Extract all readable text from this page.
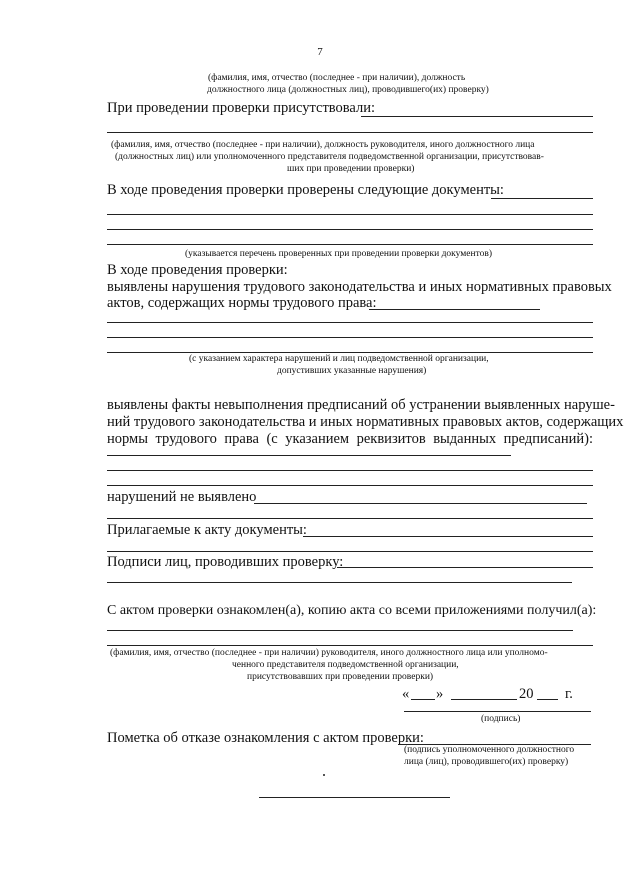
7
(фамилия, имя, отчество (последнее - при наличии), должность
должностного лица (должностных лиц), проводившего(их) проверку)
При проведении проверки присутствовали:
(фамилия, имя, отчество (последнее - при наличии), должность руководителя, иного должностного лица
(должностных лиц) или уполномоченного представителя подведомственной организации, присутствовав-
ших при проведении проверки)
В ходе проведения проверки проверены следующие документы:
(указывается перечень проверенных при проведении проверки документов)
В ходе проведения проверки:
выявлены нарушения трудового законодательства и иных нормативных правовых
актов, содержащих нормы трудового права:
(с указанием характера нарушений и лиц подведомственной организации,
допустивших указанные нарушения)
выявлены факты невыполнения предписаний об устранении выявленных наруше-
ний трудового законодательства и иных нормативных правовых актов, содержащих
нормы трудового права (с указанием реквизитов выданных предписаний):
нарушений не выявлено
Прилагаемые к акту документы:
Подписи лиц, проводивших проверку:
С актом проверки ознакомлен(а), копию акта со всеми приложениями получил(а):
(фамилия, имя, отчество (последнее - при наличии) руководителя, иного должностного лица или уполномо-
ченного представителя подведомственной организации,
присутствовавших при проведении проверки)
« »	20 г.
(подпись)
Пометка об отказе ознакомления с актом проверки:
(подпись уполномоченного должностного
лица (лиц), проводившего(их) проверку)
